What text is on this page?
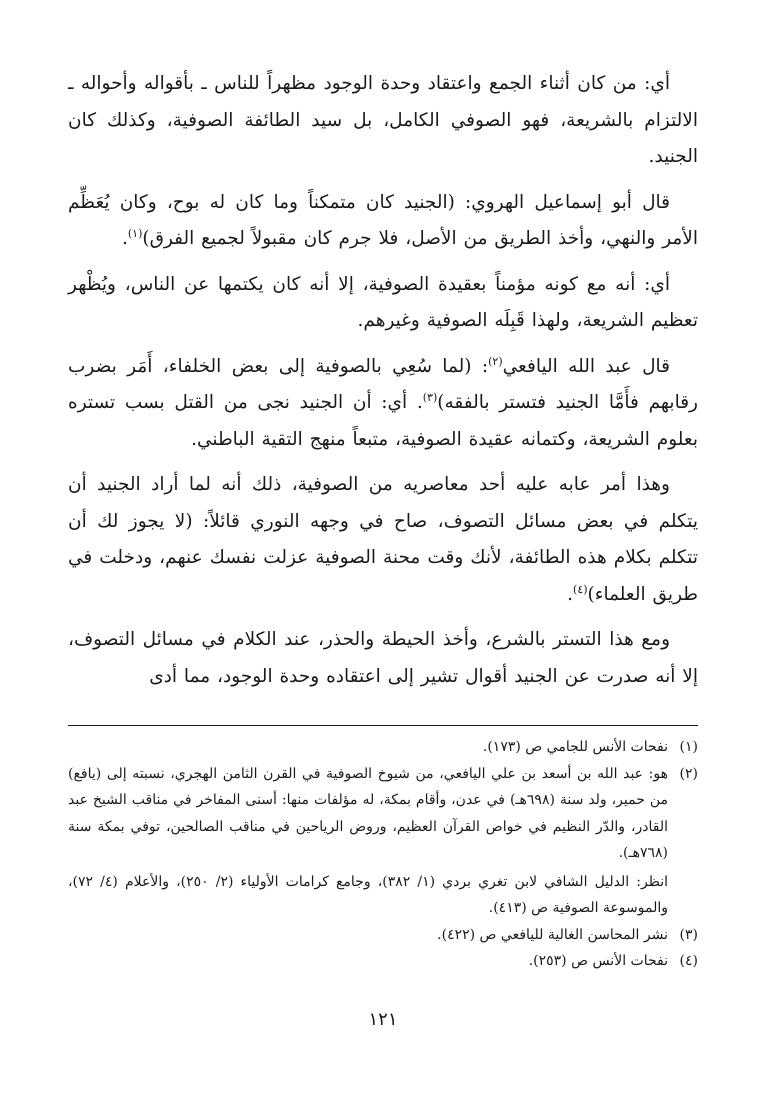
أي: من كان أثناء الجمع واعتقاد وحدة الوجود مظهراً للناس ـ بأقواله وأحواله ـ الالتزام بالشريعة، فهو الصوفي الكامل، بل سيد الطائفة الصوفية، وكذلك كان الجنيد.

قال أبو إسماعيل الهروي: (الجنيد كان متمكناً وما كان له بوح، وكان يُعَظِّم الأمر والنهي، وأخذ الطريق من الأصل، فلا جرم كان مقبولاً لجميع الفرق)$^{(١)}$.

أي: أنه مع كونه مؤمناً بعقيدة الصوفية، إلا أنه كان يكتمها عن الناس، ويُظْهر تعظيم الشريعة، ولهذا قَبِلَه الصوفية وغيرهم.

قال عبد الله اليافعي$^{(٢)}$: (لما سُعِي بالصوفية إلى بعض الخلفاء، أَمَر بضرب رقابهم فأَمَّا الجنيد فتستر بالفقه)$^{(٣)}$. أي: أن الجنيد نجى من القتل بسب تستره بعلوم الشريعة، وكتمانه عقيدة الصوفية، متبعاً منهج التقية الباطني.

وهذا أمر عابه عليه أحد معاصريه من الصوفية، ذلك أنه لما أراد الجنيد أن يتكلم في بعض مسائل التصوف، صاح في وجهه النوري قائلاً: (لا يجوز لك أن تتكلم بكلام هذه الطائفة، لأنك وقت محنة الصوفية عزلت نفسك عنهم، ودخلت في طريق العلماء)$^{(٤)}$.

ومع هذا التستر بالشرع، وأخذ الحيطة والحذر، عند الكلام في مسائل التصوف، إلا أنه صدرت عن الجنيد أقوال تشير إلى اعتقاده وحدة الوجود، مما أدى

(١)
نفحات الأنس للجامي ص (١٧٣).

(٢)
هو: عبد الله بن أسعد بن علي اليافعي، من شيوخ الصوفية في القرن الثامن الهجري، نسبته إلى (يافع) من حمير، ولد سنة (٦٩٨هـ) في عدن، وأقام بمكة، له مؤلفات منها: أسنى المفاخر في مناقب الشيخ عبد القادر، والدّر النظيم في خواص القرآن العظيم، وروض الرياحين في مناقب الصالحين، توفي بمكة سنة (٧٦٨هـ).

انظر: الدليل الشافي لابن تغري بردي (١/ ٣٨٢)، وجامع كرامات الأولياء (٢/ ٢٥٠)، والأعلام (٤/ ٧٢)، والموسوعة الصوفية ص (٤١٣).

(٣)
نشر المحاسن الغالية لليافعي ص (٤٢٢).

(٤)
نفحات الأنس ص (٢٥٣).

١٢١
